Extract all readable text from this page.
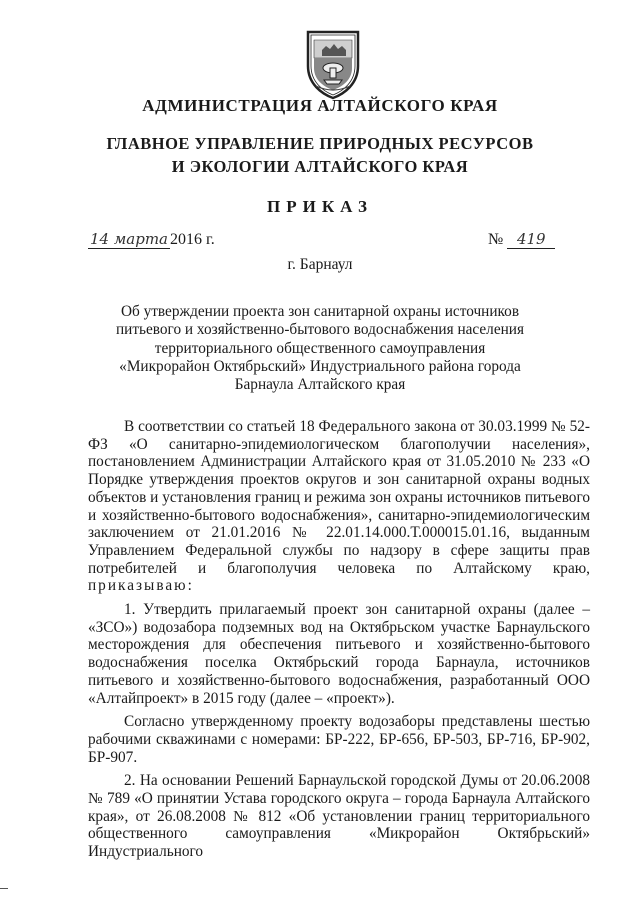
АДМИНИСТРАЦИЯ АЛТАЙСКОГО КРАЯ
ГЛАВНОЕ УПРАВЛЕНИЕ ПРИРОДНЫХ РЕСУРСОВ
И ЭКОЛОГИИ АЛТАЙСКОГО КРАЯ
ПРИКАЗ
14 марта 2016 г.	№ 419
г. Барнаул
Об утверждении проекта зон санитарной охраны источников питьевого и хозяйственно-бытового водоснабжения населения территориального общественного самоуправления «Микрорайон Октябрьский» Индустриального района города Барнаула Алтайского края

В соответствии со статьей 18 Федерального закона от 30.03.1999 № 52-ФЗ «О санитарно-эпидемиологическом благополучии населения», постановлением Администрации Алтайского края от 31.05.2010 № 233 «О Порядке утверждения проектов округов и зон санитарной охраны водных объектов и установления границ и режима зон охраны источников питьевого и хозяйственно-бытового водоснабжения», санитарно-эпидемиологическим заключением от 21.01.2016 № 22.01.14.000.Т.000015.01.16, выданным Управлением Федеральной службы по надзору в сфере защиты прав потребителей и благополучия человека по Алтайскому краю, приказываю:

1. Утвердить прилагаемый проект зон санитарной охраны (далее – «ЗСО») водозабора подземных вод на Октябрьском участке Барнаульского месторождения для обеспечения питьевого и хозяйственно-бытового водоснабжения поселка Октябрьский города Барнаула, источников питьевого и хозяйственно-бытового водоснабжения, разработанный ООО «Алтайпроект» в 2015 году (далее – «проект»).

Согласно утвержденному проекту водозаборы представлены шестью рабочими скважинами с номерами: БР-222, БР-656, БР-503, БР-716, БР-902, БР-907.

2. На основании Решений Барнаульской городской Думы от 20.06.2008 № 789 «О принятии Устава городского округа – города Барнаула Алтайского края», от 26.08.2008 № 812 «Об установлении границ территориального общественного самоуправления «Микрорайон Октябрьский» Индустриального
